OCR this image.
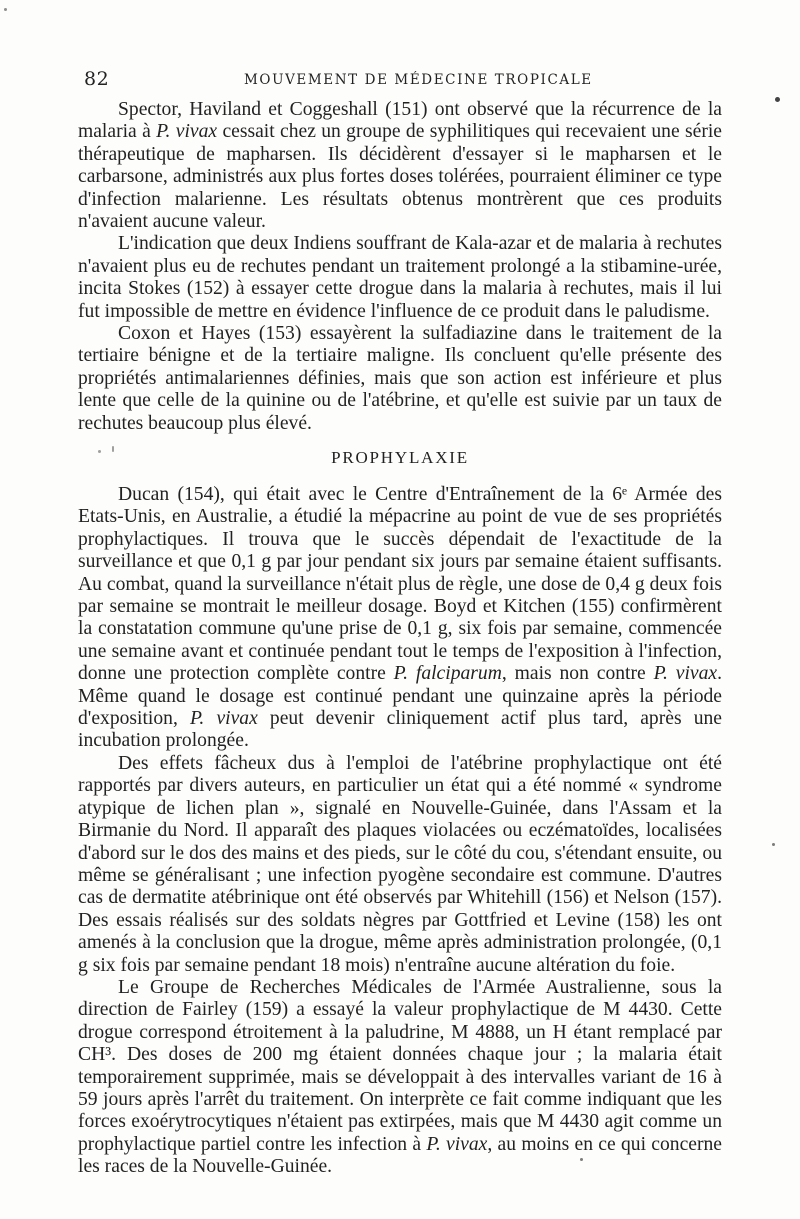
82	MOUVEMENT DE MÉDECINE TROPICALE

Spector, Haviland et Coggeshall (151) ont observé que la récurrence de la malaria à P. vivax cessait chez un groupe de syphilitiques qui recevaient une série thérapeutique de mapharsen. Ils décidèrent d'essayer si le mapharsen et le carbarsone, administrés aux plus fortes doses tolérées, pourraient éliminer ce type d'infection malarienne. Les résultats obtenus montrèrent que ces produits n'avaient aucune valeur.

L'indication que deux Indiens souffrant de Kala-azar et de malaria à rechutes n'avaient plus eu de rechutes pendant un traitement prolongé a la stibamine-urée, incita Stokes (152) à essayer cette drogue dans la malaria à rechutes, mais il lui fut impossible de mettre en évidence l'influence de ce produit dans le paludisme.

Coxon et Hayes (153) essayèrent la sulfadiazine dans le traitement de la tertiaire bénigne et de la tertiaire maligne. Ils concluent qu'elle présente des propriétés antimalariennes définies, mais que son action est inférieure et plus lente que celle de la quinine ou de l'atébrine, et qu'elle est suivie par un taux de rechutes beaucoup plus élevé.

PROPHYLAXIE

Ducan (154), qui était avec le Centre d'Entraînement de la 6ᵉ Armée des Etats-Unis, en Australie, a étudié la mépacrine au point de vue de ses propriétés prophylactiques. Il trouva que le succès dépendait de l'exactitude de la surveillance et que 0,1 g par jour pendant six jours par semaine étaient suffisants. Au combat, quand la surveillance n'était plus de règle, une dose de 0,4 g deux fois par semaine se montrait le meilleur dosage. Boyd et Kitchen (155) confirmèrent la constatation commune qu'une prise de 0,1 g, six fois par semaine, commencée une semaine avant et continuée pendant tout le temps de l'exposition à l'infection, donne une protection complète contre P. falciparum, mais non contre P. vivax. Même quand le dosage est continué pendant une quinzaine après la période d'exposition, P. vivax peut devenir cliniquement actif plus tard, après une incubation prolongée.

Des effets fâcheux dus à l'emploi de l'atébrine prophylactique ont été rapportés par divers auteurs, en particulier un état qui a été nommé « syndrome atypique de lichen plan », signalé en Nouvelle-Guinée, dans l'Assam et la Birmanie du Nord. Il apparaît des plaques violacées ou eczématoïdes, localisées d'abord sur le dos des mains et des pieds, sur le côté du cou, s'étendant ensuite, ou même se généralisant ; une infection pyogène secondaire est commune. D'autres cas de dermatite atébrinique ont été observés par Whitehill (156) et Nelson (157). Des essais réalisés sur des soldats nègres par Gottfried et Levine (158) les ont amenés à la conclusion que la drogue, même après administration prolongée, (0,1 g six fois par semaine pendant 18 mois) n'entraîne aucune altération du foie.

Le Groupe de Recherches Médicales de l'Armée Australienne, sous la direction de Fairley (159) a essayé la valeur prophylactique de M 4430. Cette drogue correspond étroitement à la paludrine, M 4888, un H étant remplacé par CH³. Des doses de 200 mg étaient données chaque jour ; la malaria était temporairement supprimée, mais se développait à des intervalles variant de 16 à 59 jours après l'arrêt du traitement. On interprète ce fait comme indiquant que les forces exoérytrocytiques n'étaient pas extirpées, mais que M 4430 agit comme un prophylactique partiel contre les infection à P. vivax, au moins en ce qui concerne les races de la Nouvelle-Guinée.
